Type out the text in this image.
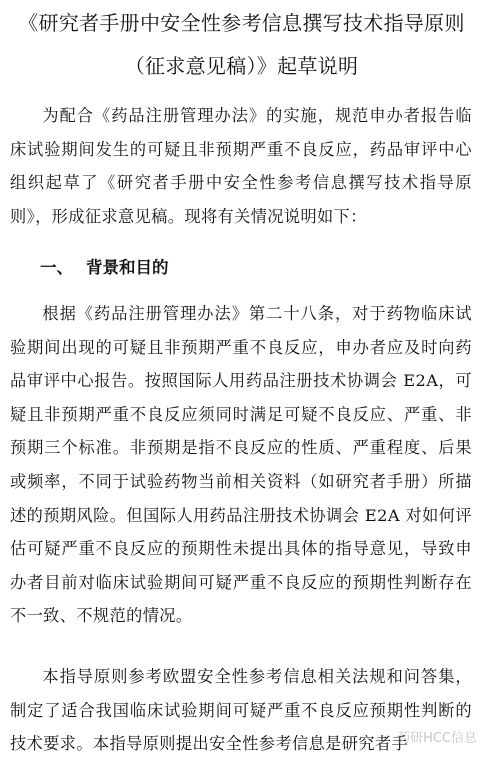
《研究者手册中安全性参考信息撰写技术指导原则
（征求意见稿）》起草说明

为配合《药品注册管理办法》的实施，规范申办者报告临床试验期间发生的可疑且非预期严重不良反应，药品审评中心组织起草了《研究者手册中安全性参考信息撰写技术指导原则》，形成征求意见稿。现将有关情况说明如下：

一、 背景和目的

根据《药品注册管理办法》第二十八条，对于药物临床试验期间出现的可疑且非预期严重不良反应，申办者应及时向药品审评中心报告。按照国际人用药品注册技术协调会 E2A，可疑且非预期严重不良反应须同时满足可疑不良反应、严重、非预期三个标准。非预期是指不良反应的性质、严重程度、后果或频率，不同于试验药物当前相关资料（如研究者手册）所描述的预期风险。但国际人用药品注册技术协调会 E2A 对如何评估可疑严重不良反应的预期性未提出具体的指导意见，导致申办者目前对临床试验期间可疑严重不良反应的预期性判断存在不一致、不规范的情况。

本指导原则参考欧盟安全性参考信息相关法规和问答集，制定了适合我国临床试验期间可疑严重不良反应预期性判断的技术要求。本指导原则提出安全性参考信息是研究者手

药研HCC信息
